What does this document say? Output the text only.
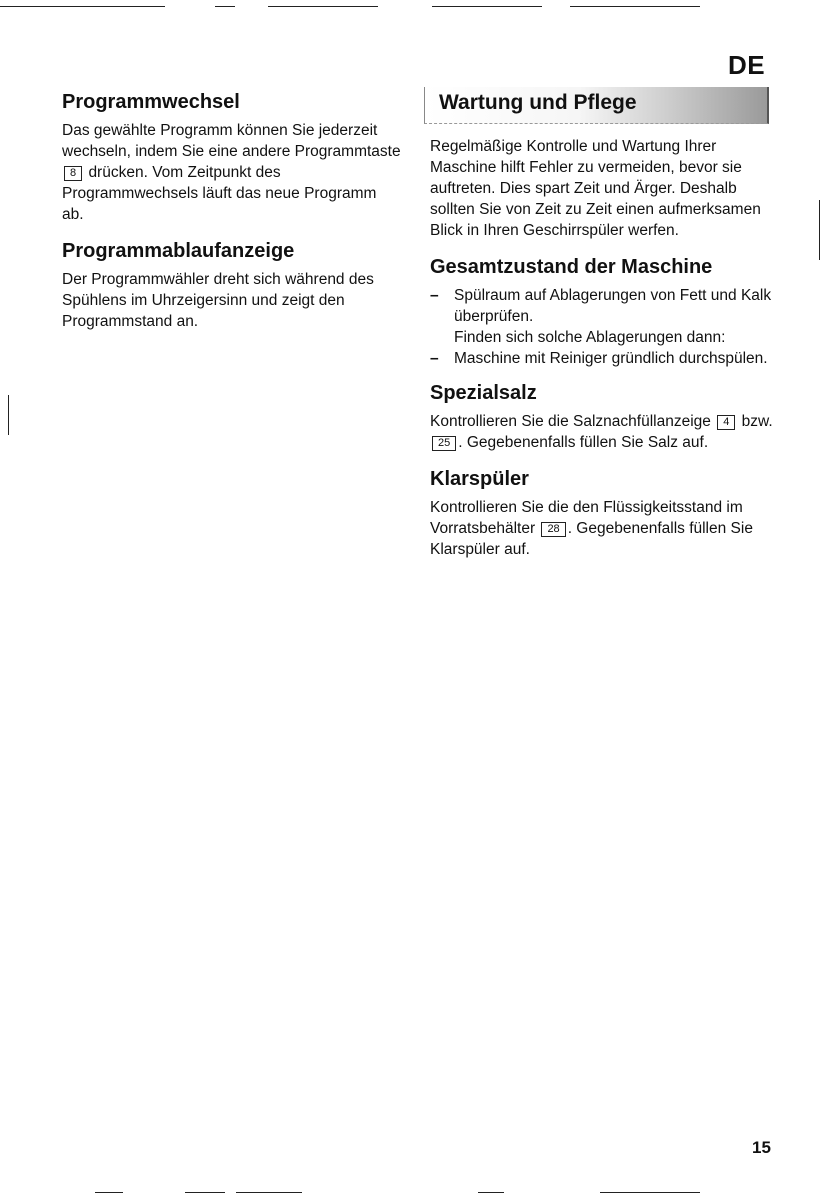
DE
Programmwechsel

Das gewählte Programm können Sie jederzeit wechseln, indem Sie eine andere Programmtaste 8 drücken. Vom Zeitpunkt des Programmwechsels läuft das neue Programm ab.

Programmablaufanzeige

Der Programmwähler dreht sich während des Spühlens im Uhrzeigersinn und zeigt den Programmstand an.

Wartung und Pflege

Regelmäßige Kontrolle und Wartung Ihrer Maschine hilft Fehler zu vermeiden, bevor sie auftreten. Dies spart Zeit und Ärger. Deshalb sollten Sie von Zeit zu Zeit einen aufmerksamen Blick in Ihren Geschirrspüler werfen.

Gesamtzustand der Maschine
– Spülraum auf Ablagerungen von Fett und Kalk überprüfen.
Finden sich solche Ablagerungen dann:
– Maschine mit Reiniger gründlich durchspülen.
Spezialsalz

Kontrollieren Sie die Salznachfüllanzeige 4 bzw. 25 . Gegebenenfalls füllen Sie Salz auf.

Klarspüler

Kontrollieren Sie die den Flüssigkeitsstand im Vorratsbehälter 28 . Gegebenenfalls füllen Sie Klarspüler auf.

15
